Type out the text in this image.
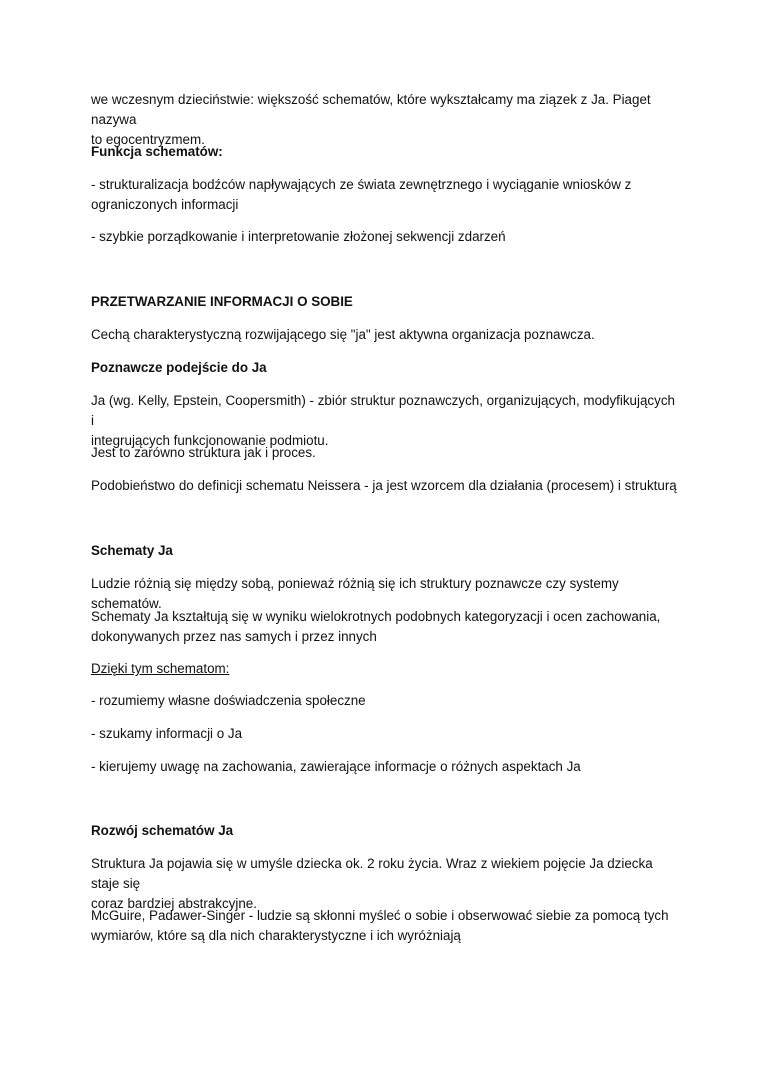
we wczesnym dzieciństwie: większość schematów, które wykształcamy ma ziązek z Ja. Piaget nazywa
to egocentryzmem.
Funkcja schematów:
- strukturalizacja bodźców napływających ze świata zewnętrznego i wyciąganie wniosków z
ograniczonych informacji
- szybkie porządkowanie i interpretowanie złożonej sekwencji zdarzeń
PRZETWARZANIE INFORMACJI O SOBIE
Cechą charakterystyczną rozwijającego się "ja" jest aktywna organizacja poznawcza.
Poznawcze podejście do Ja
Ja (wg. Kelly, Epstein, Coopersmith) - zbiór struktur poznawczych, organizujących, modyfikujących i
integrujących funkcjonowanie podmiotu.
Jest to zarówno struktura jak i proces.
Podobieństwo do definicji schematu Neissera - ja jest wzorcem dla działania (procesem) i strukturą
Schematy Ja
Ludzie różnią się między sobą, ponieważ różnią się ich struktury poznawcze czy systemy schematów.
Schematy Ja kształtują się w wyniku wielokrotnych podobnych kategoryzacji i ocen zachowania,
dokonywanych przez nas samych i przez innych
Dzięki tym schematom:
- rozumiemy własne doświadczenia społeczne
- szukamy informacji o Ja
- kierujemy uwagę na zachowania, zawierające informacje o różnych aspektach Ja
Rozwój schematów Ja
Struktura Ja pojawia się w umyśle dziecka ok. 2 roku życia. Wraz z wiekiem pojęcie Ja dziecka staje się
coraz bardziej abstrakcyjne.
McGuire, Padawer-Singer - ludzie są skłonni myśleć o sobie i obserwować siebie za pomocą tych
wymiarów, które są dla nich charakterystyczne i ich wyróżniają
